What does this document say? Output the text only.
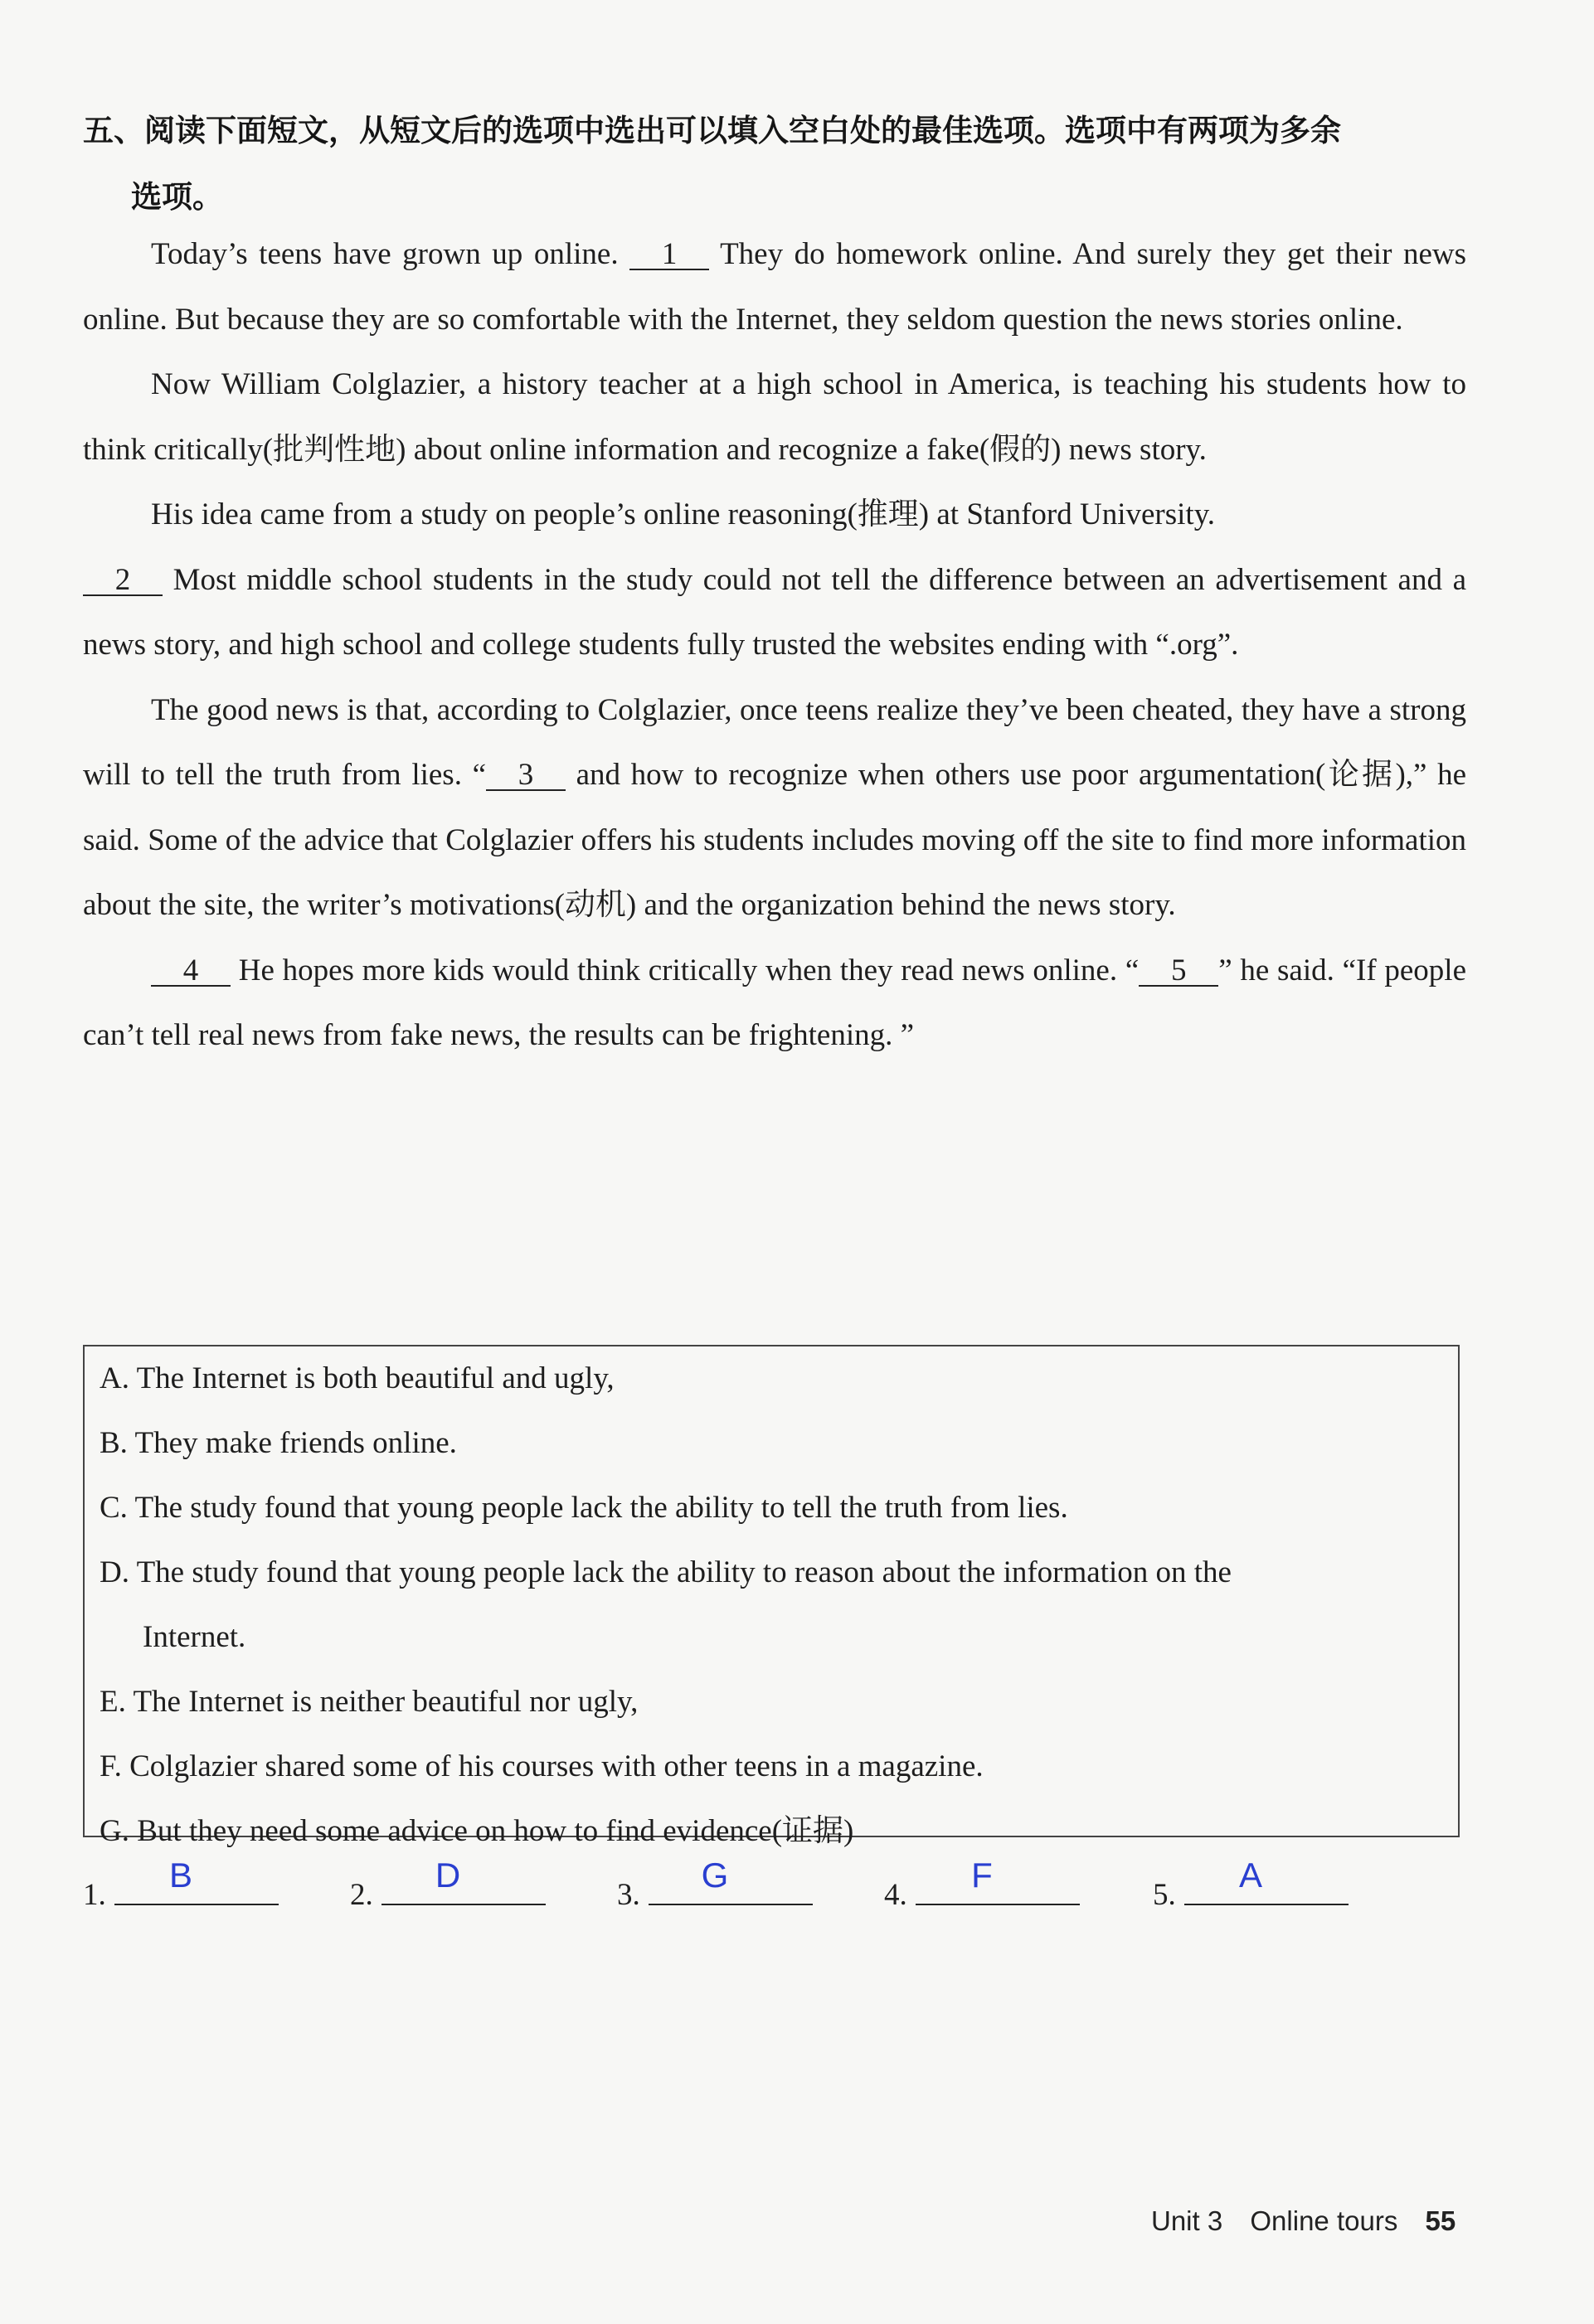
五、阅读下面短文，从短文后的选项中选出可以填入空白处的最佳选项。选项中有两项为多余
选项。

Today’s teens have grown up online. 1 They do homework online. And surely they get their news online. But because they are so comfortable with the Internet, they seldom question the news stories online.

Now William Colglazier, a history teacher at a high school in America, is teaching his students how to think critically(批判性地) about online information and recognize a fake(假的) news story.

His idea came from a study on people’s online reasoning(推理) at Stanford University.

2 Most middle school students in the study could not tell the difference between an advertisement and a news story, and high school and college students fully trusted the websites ending with “.org”.

The good news is that, according to Colglazier, once teens realize they’ve been cheated, they have a strong will to tell the truth from lies. “ 3 and how to recognize when others use poor argumentation(论据),” he said. Some of the advice that Colglazier offers his students includes moving off the site to find more information about the site, the writer’s motivations(动机) and the organization behind the news story.

4 He hopes more kids would think critically when they read news online. “ 5 ” he said. “If people can’t tell real news from fake news, the results can be frightening. ”

A. The Internet is both beautiful and ugly,
B. They make friends online.
C. The study found that young people lack the ability to tell the truth from lies.
D. The study found that young people lack the ability to reason about the information on the
Internet.
E. The Internet is neither beautiful nor ugly,
F. Colglazier shared some of his courses with other teens in a magazine.
G. But they need some advice on how to find evidence(证据)
1.
B
2.
D
3.
G
4.
F
5.
A
Unit 3 Online tours 55
